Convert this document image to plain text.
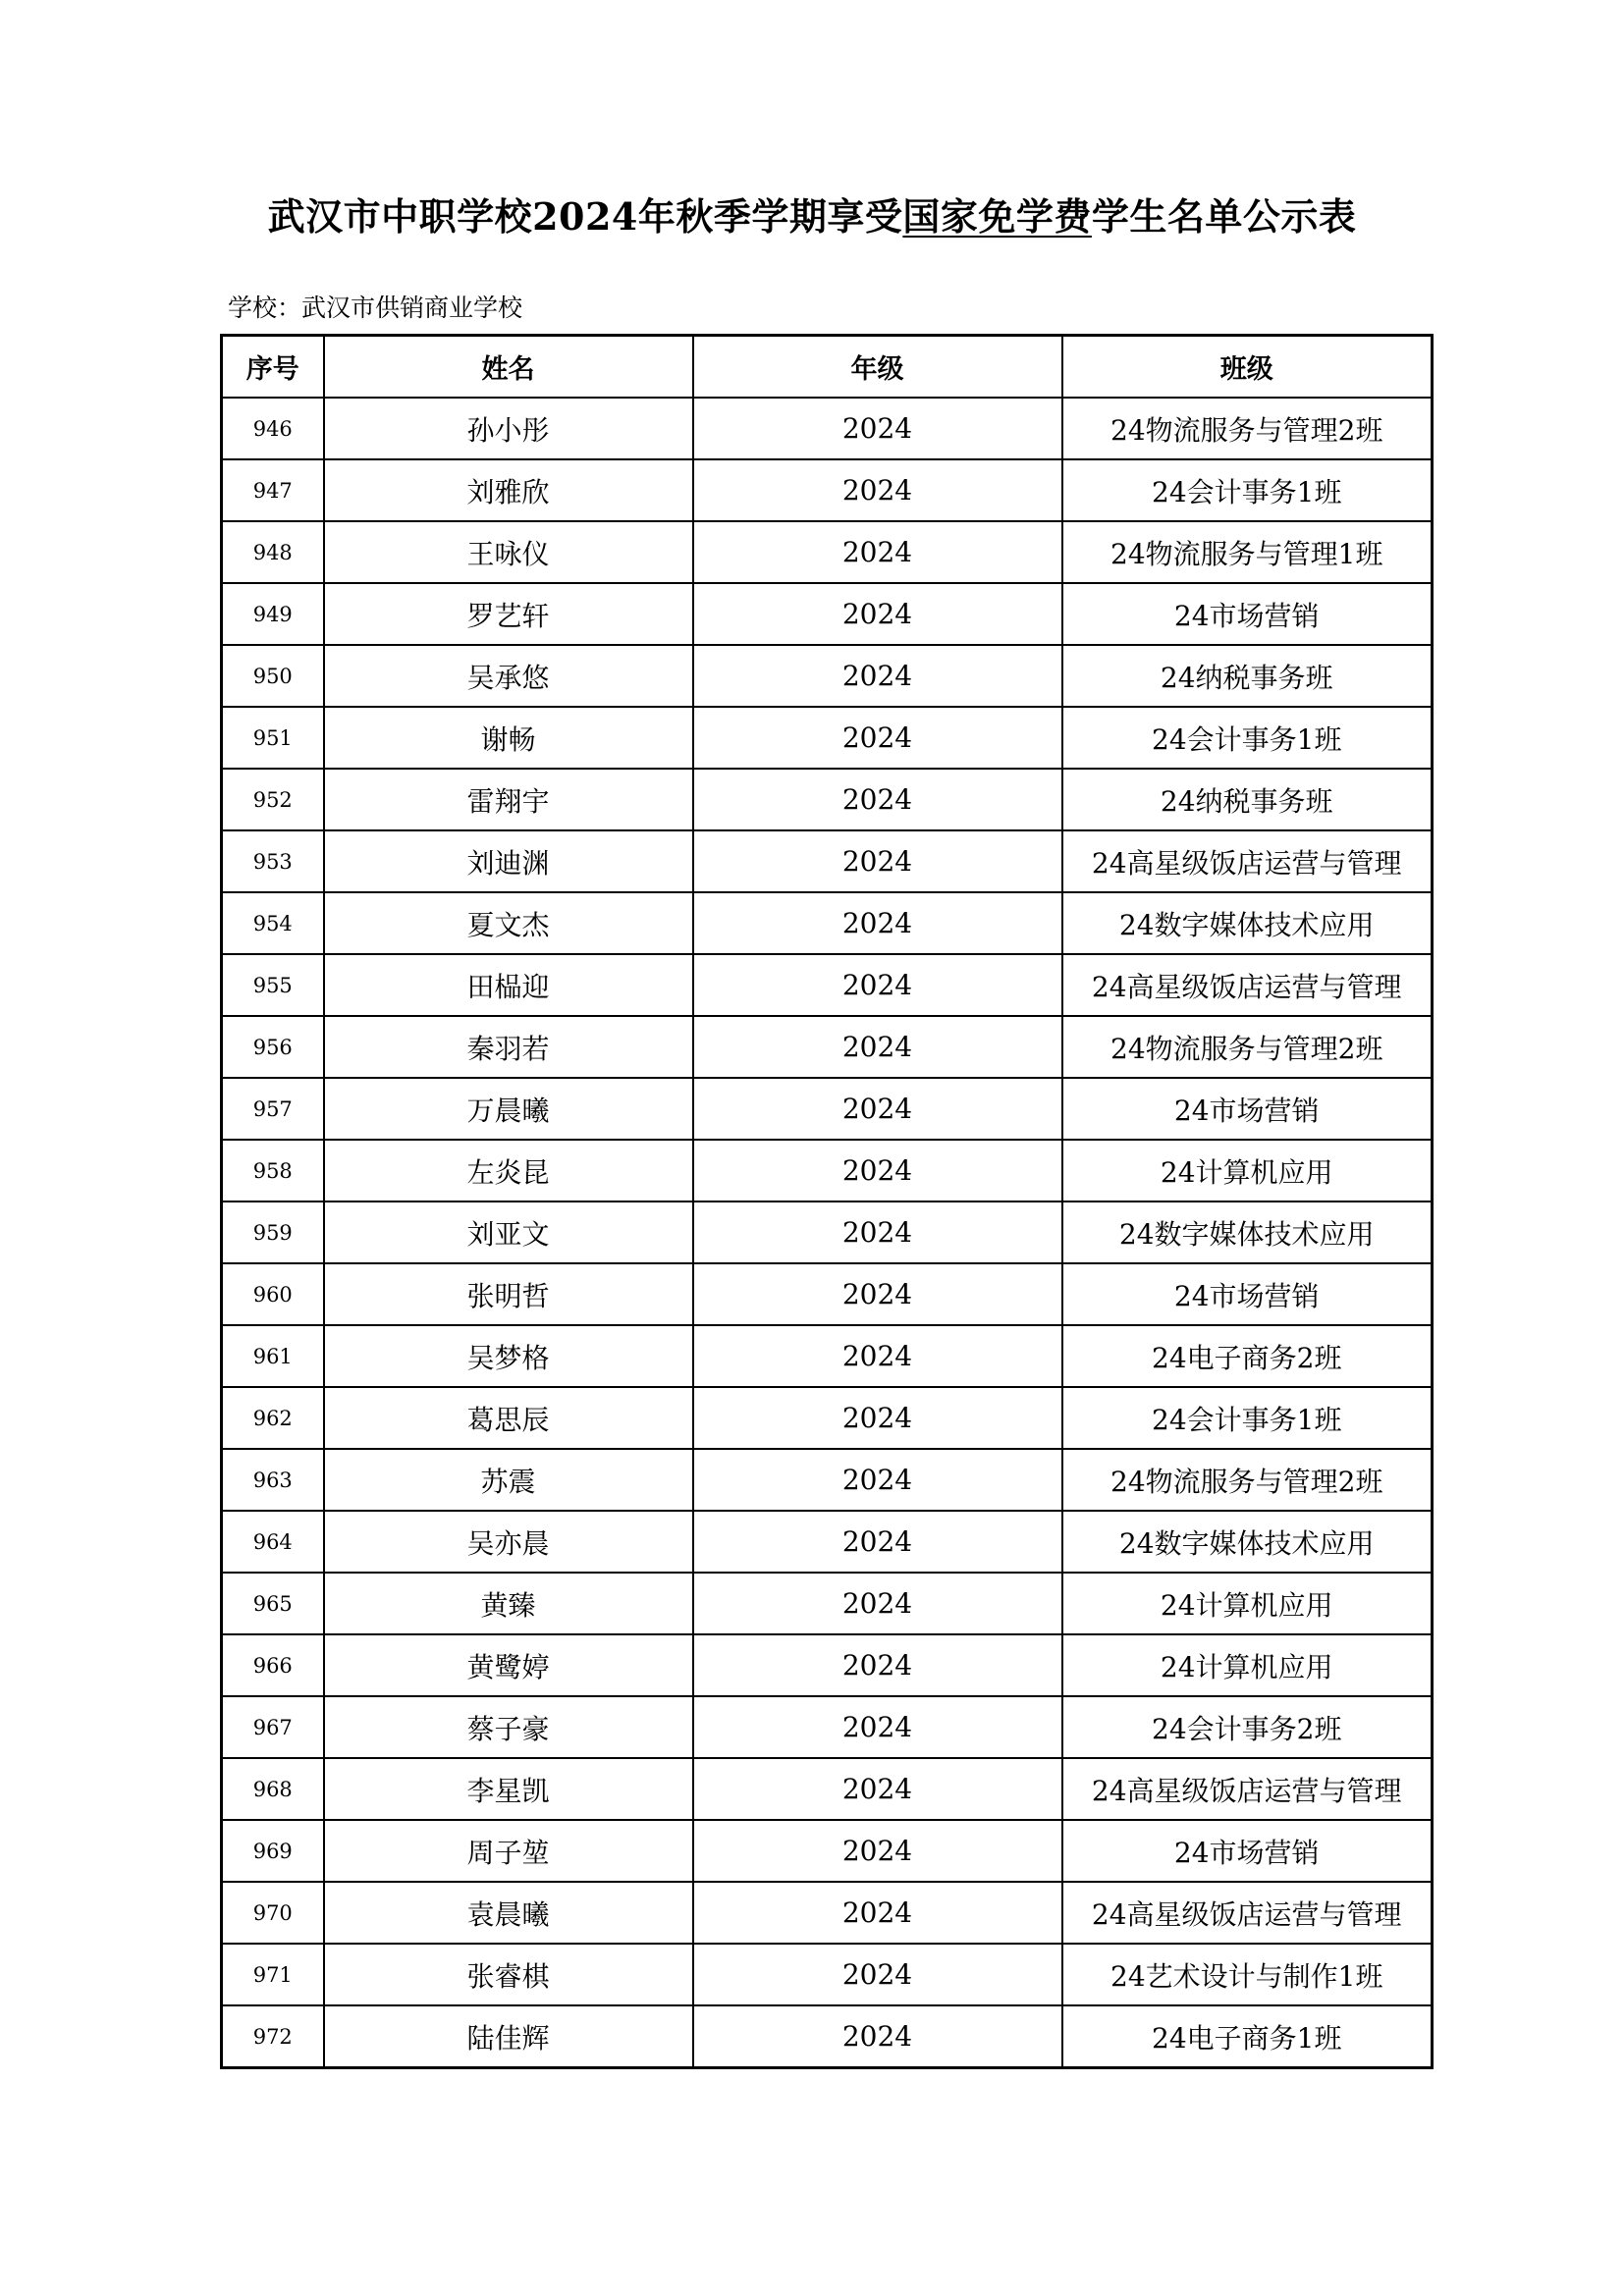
武汉市中职学校2024年秋季学期享受国家免学费学生名单公示表
学校：武汉市供销商业学校
序号	姓名	年级	班级
946	孙小彤	2024	24物流服务与管理2班
947	刘雅欣	2024	24会计事务1班
948	王咏仪	2024	24物流服务与管理1班
949	罗艺轩	2024	24市场营销
950	吴承悠	2024	24纳税事务班
951	谢畅	2024	24会计事务1班
952	雷翔宇	2024	24纳税事务班
953	刘迪渊	2024	24高星级饭店运营与管理
954	夏文杰	2024	24数字媒体技术应用
955	田榀迎	2024	24高星级饭店运营与管理
956	秦羽若	2024	24物流服务与管理2班
957	万晨曦	2024	24市场营销
958	左炎昆	2024	24计算机应用
959	刘亚文	2024	24数字媒体技术应用
960	张明哲	2024	24市场营销
961	吴梦格	2024	24电子商务2班
962	葛思辰	2024	24会计事务1班
963	苏震	2024	24物流服务与管理2班
964	吴亦晨	2024	24数字媒体技术应用
965	黄臻	2024	24计算机应用
966	黄鹭婷	2024	24计算机应用
967	蔡子豪	2024	24会计事务2班
968	李星凯	2024	24高星级饭店运营与管理
969	周子堃	2024	24市场营销
970	袁晨曦	2024	24高星级饭店运营与管理
971	张睿棋	2024	24艺术设计与制作1班
972	陆佳辉	2024	24电子商务1班
